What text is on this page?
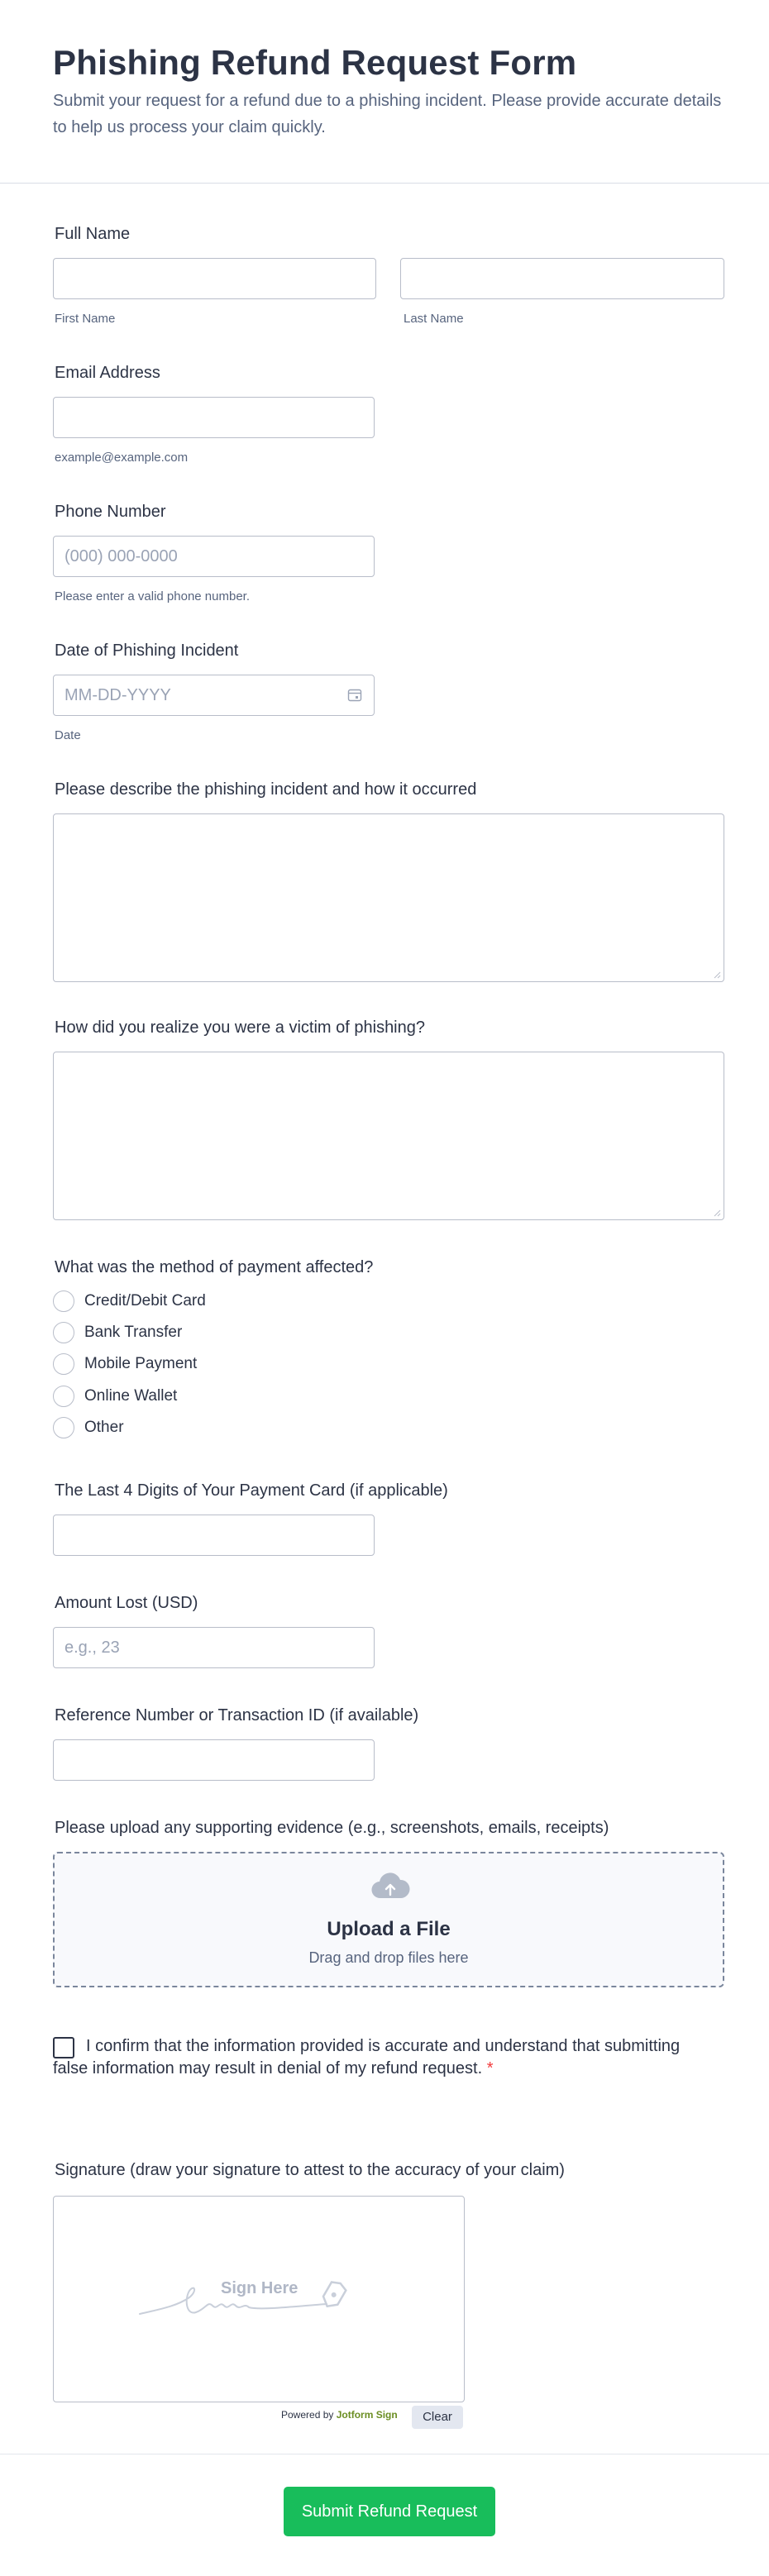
Phishing Refund Request Form

Submit your request for a refund due to a phishing incident. Please provide accurate details to help us process your claim quickly.

Full Name
First Name	Last Name
Email Address
example@example.com
Phone Number
(000) 000-0000
Please enter a valid phone number.
Date of Phishing Incident
MM-DD-YYYY
Date
Please describe the phishing incident and how it occurred
How did you realize you were a victim of phishing?
What was the method of payment affected?
Credit/Debit Card
Bank Transfer
Mobile Payment
Online Wallet
Other
The Last 4 Digits of Your Payment Card (if applicable)
Amount Lost (USD)
e.g., 23
Reference Number or Transaction ID (if available)
Please upload any supporting evidence (e.g., screenshots, emails, receipts)
Upload a File
Drag and drop files here

I confirm that the information provided is accurate and understand that submitting false information may result in denial of my refund request. *

Signature (draw your signature to attest to the accuracy of your claim)
Sign Here
Powered by Jotform Sign	Clear
Submit Refund Request
